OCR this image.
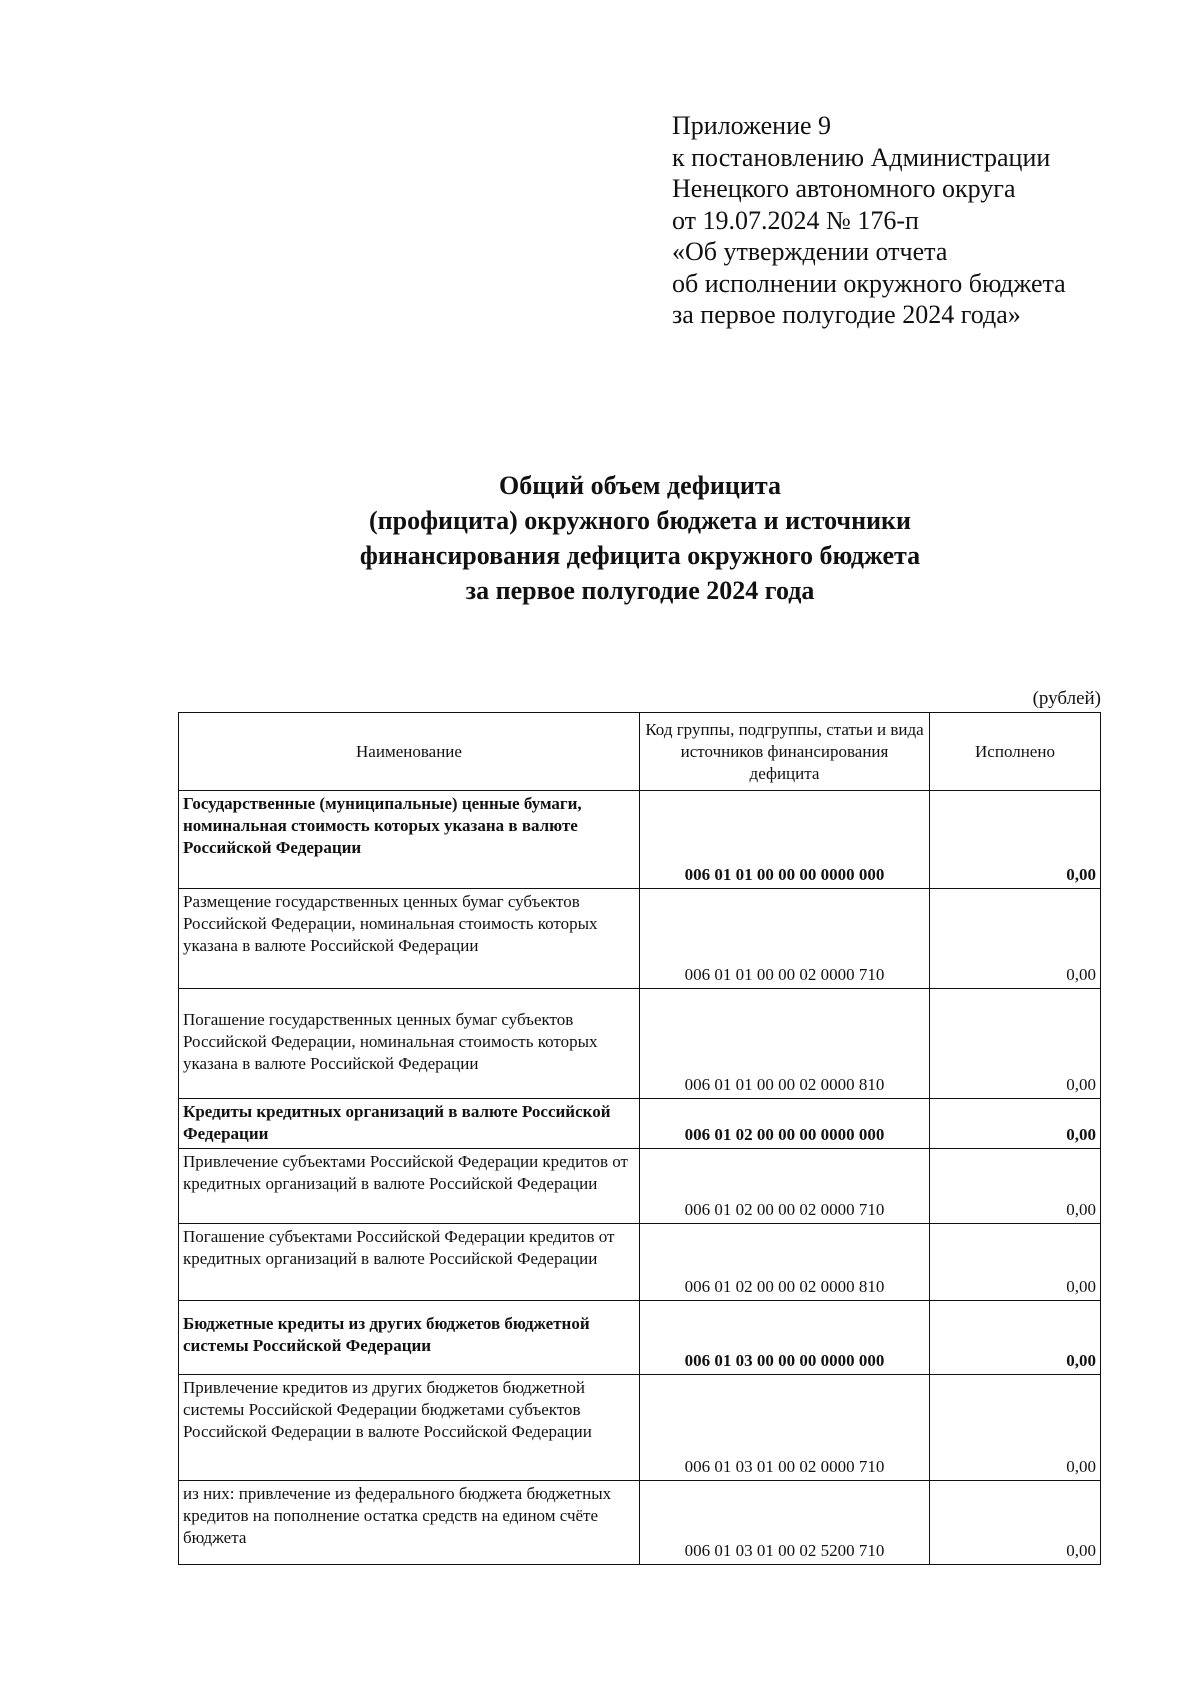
Приложение 9
к постановлению Администрации
Ненецкого автономного округа
от 19.07.2024 № 176-п
«Об утверждении отчета
об исполнении окружного бюджета
за первое полугодие 2024 года»
Общий объем дефицита
(профицита) окружного бюджета и источники
финансирования дефицита окружного бюджета
за первое полугодие 2024 года
(рублей)
Наименование	Код группы, подгруппы, статьи и вида источников финансирования дефицита	Исполнено
Государственные (муниципальные) ценные бумаги, номинальная стоимость которых указана в валюте Российской Федерации	006 01 01 00 00 00 0000 000	0,00
Размещение государственных ценных бумаг субъектов Российской Федерации, номинальная стоимость которых указана в валюте Российской Федерации	006 01 01 00 00 02 0000 710	0,00
Погашение государственных ценных бумаг субъектов Российской Федерации, номинальная стоимость которых указана в валюте Российской Федерации	006 01 01 00 00 02 0000 810	0,00
Кредиты кредитных организаций в валюте Российской Федерации	006 01 02 00 00 00 0000 000	0,00
Привлечение субъектами Российской Федерации кредитов от кредитных организаций в валюте Российской Федерации	006 01 02 00 00 02 0000 710	0,00
Погашение субъектами Российской Федерации кредитов от кредитных организаций в валюте Российской Федерации	006 01 02 00 00 02 0000 810	0,00
Бюджетные кредиты из других бюджетов бюджетной системы Российской Федерации	006 01 03 00 00 00 0000 000	0,00
Привлечение кредитов из других бюджетов бюджетной системы Российской Федерации бюджетами субъектов Российской Федерации в валюте Российской Федерации	006 01 03 01 00 02 0000 710	0,00
из них: привлечение из федерального бюджета бюджетных кредитов на пополнение остатка средств на едином счёте бюджета	006 01 03 01 00 02 5200 710	0,00
